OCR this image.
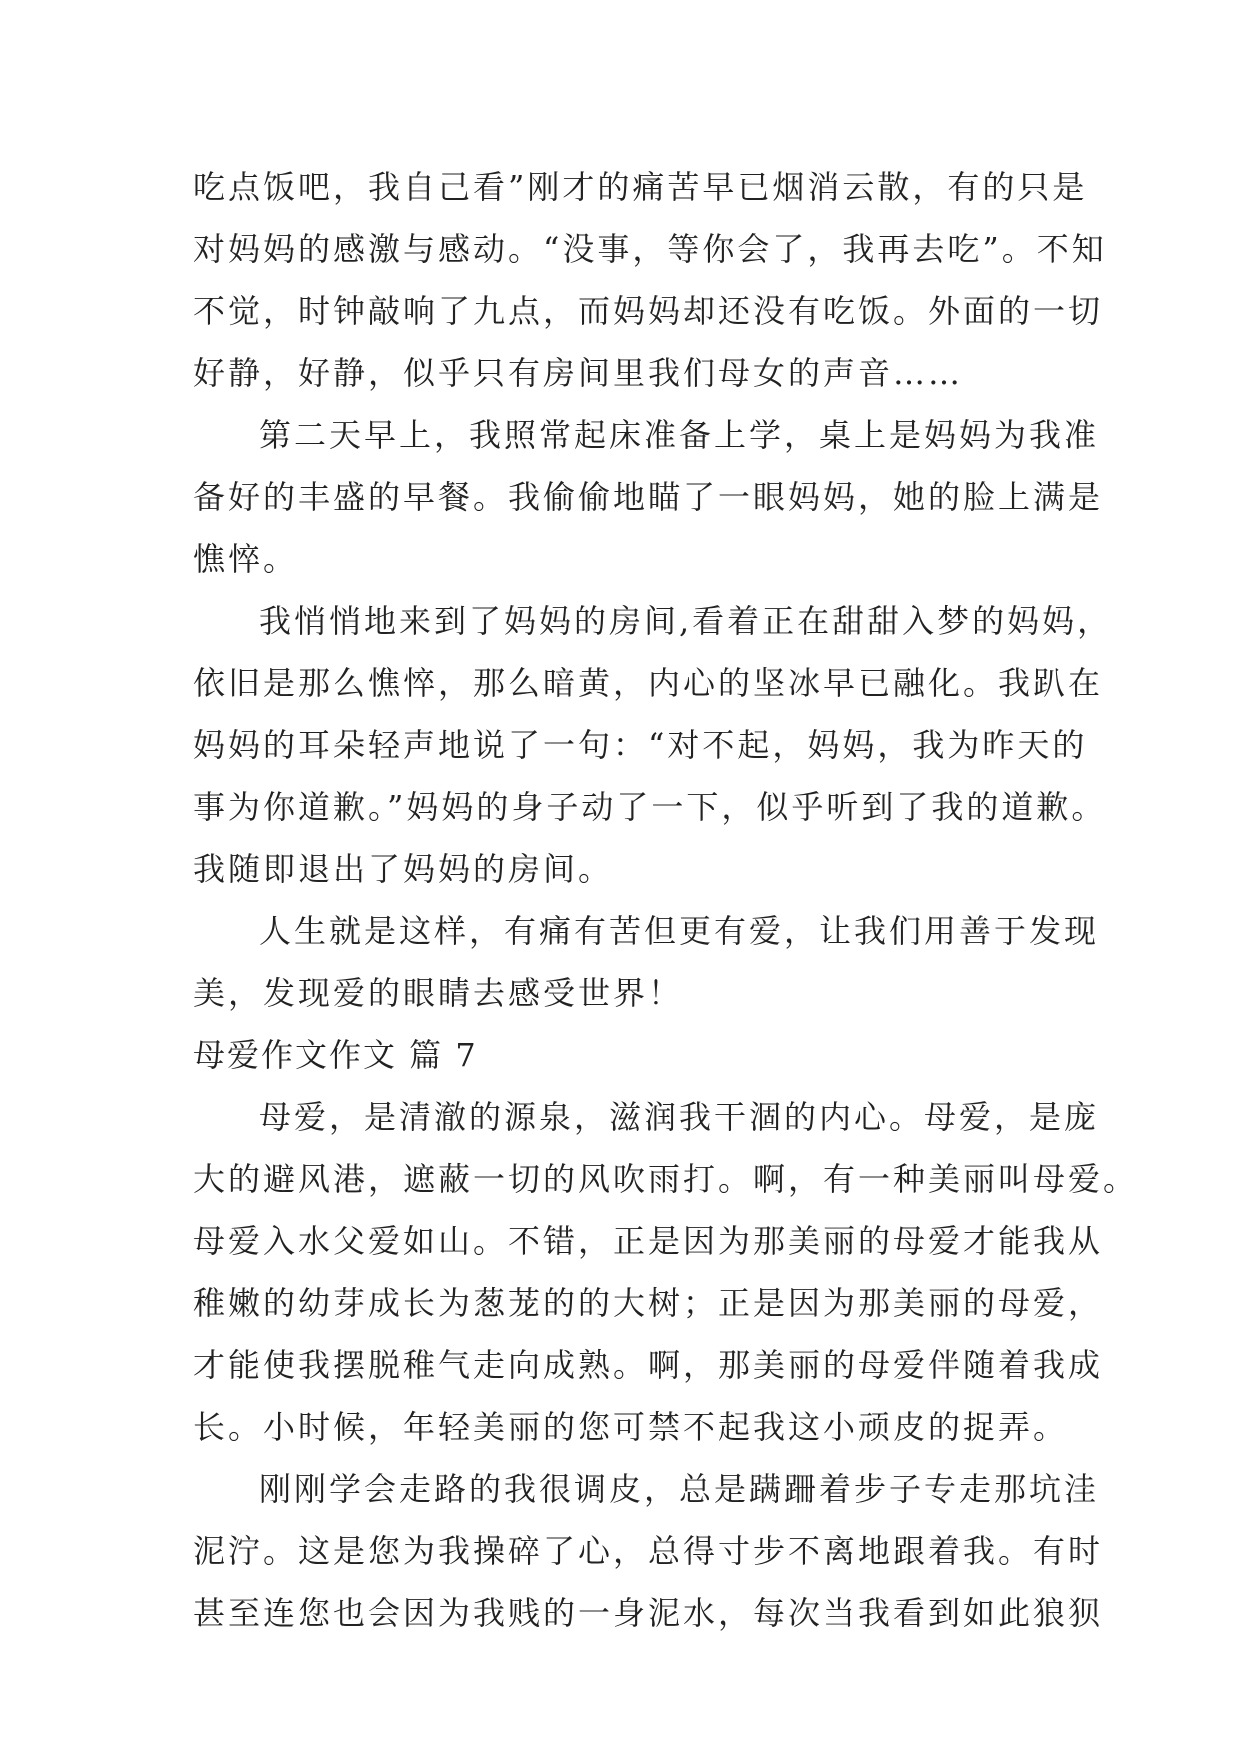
吃点饭吧，我自己看”刚才的痛苦早已烟消云散，有的只是
对妈妈的感激与感动。“没事，等你会了，我再去吃”。不知
不觉，时钟敲响了九点，而妈妈却还没有吃饭。外面的一切
好静，好静，似乎只有房间里我们母女的声音……
第二天早上，我照常起床准备上学，桌上是妈妈为我准
备好的丰盛的早餐。我偷偷地瞄了一眼妈妈，她的脸上满是
憔悴。
我悄悄地来到了妈妈的房间,看着正在甜甜入梦的妈妈，
依旧是那么憔悴，那么暗黄，内心的坚冰早已融化。我趴在
妈妈的耳朵轻声地说了一句：“对不起，妈妈，我为昨天的
事为你道歉。”妈妈的身子动了一下，似乎听到了我的道歉。
我随即退出了妈妈的房间。
人生就是这样，有痛有苦但更有爱，让我们用善于发现
美，发现爱的眼睛去感受世界！
母爱作文作文 篇 7
母爱，是清澈的源泉，滋润我干涸的内心。母爱，是庞
大的避风港，遮蔽一切的风吹雨打。啊，有一种美丽叫母爱。
母爱入水父爱如山。不错，正是因为那美丽的母爱才能我从
稚嫩的幼芽成长为葱茏的的大树；正是因为那美丽的母爱，
才能使我摆脱稚气走向成熟。啊，那美丽的母爱伴随着我成
长。小时候，年轻美丽的您可禁不起我这小顽皮的捉弄。
刚刚学会走路的我很调皮，总是蹒跚着步子专走那坑洼
泥泞。这是您为我操碎了心，总得寸步不离地跟着我。有时
甚至连您也会因为我贱的一身泥水，每次当我看到如此狼狈
